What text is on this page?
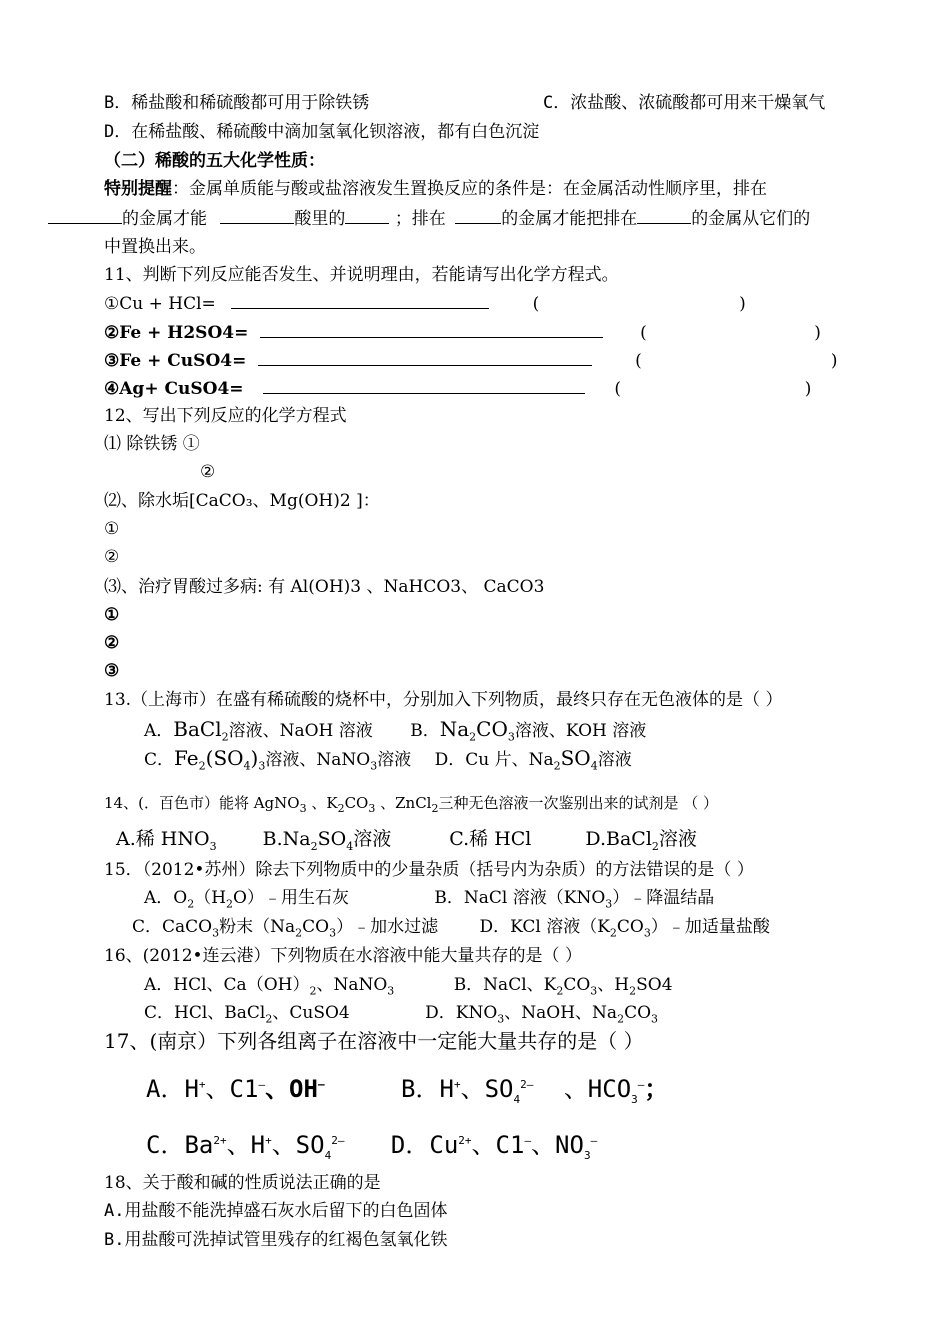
B．稀盐酸和稀硫酸都可用于除铁锈	C．浓盐酸、浓硫酸都可用来干燥氧气
D．在稀盐酸、稀硫酸中滴加氢氧化钡溶液，都有白色沉淀
（二）稀酸的五大化学性质：
特别提醒：金属单质能与酸或盐溶液发生置换反应的条件是：在金属活动性顺序里，排在
的金属才能	酸里的	；排在	的金属才能把排在	的金属从它们的
中置换出来。
11、判断下列反应能否发生、并说明理由，若能请写出化学方程式。
①Cu + HCl=	(                                     )
②Fe + H2SO4=	(                               )
③Fe + CuSO4=	(                                   )
④Ag+ CuSO4=	(                                  )
12、写出下列反应的化学方程式
⑴ 除铁锈 ①
②
⑵、除水垢[CaCO₃、Mg(OH)2 ]：
①
②
⑶、治疗胃酸过多病: 有 Al(OH)3 、NaHCO3、 CaCO3
①
②
③
13.（上海市）在盛有稀硫酸的烧杯中，分别加入下列物质，最终只存在无色液体的是（ ）
A．BaCl$_2$溶液、NaOH 溶液 B．$Na_2CO_3$溶液、KOH 溶液
C．$Fe_2(SO_4)_3$溶液、NaNO$_3$溶液 D．Cu 片、$Na_2SO_4$溶液
14、(．百色市）能将 AgNO$_3$ 、$K_2CO_3$ 、ZnCl$_2$三种无色溶液一次鉴别出来的试剂是 （ ）
A.稀 $HNO_3$ $B.Na_2SO_4$溶液	C.稀 HCl	D.BaCl$_2$溶液
15．（2012•苏州）除去下列物质中的少量杂质（括号内为杂质）的方法错误的是（ ）
A．$O_2(H_2O)﹣$用生石灰	B．NaCl 溶液$(KNO_3)﹣$降温结晶
C．CaCO$_3$粉末$(Na_2CO_3)﹣$加水过滤 D．KCl 溶液$(K_2CO_3)﹣$加适量盐酸
16、(2012•连云港）下列物质在水溶液中能大量共存的是（ ）
A．HCl、$Ca(OH)_2$、NaNO$_3$	B．NaCl、$K_2CO_3$、$H_2SO4$
C．HCl、BaCl$_2$、CuSO4	D．$KNO_3$、NaOH、$Na_2CO_3$
17、(南京）下列各组离子在溶液中一定能大量共存的是（ ）
A．H+、C1—、OH—	B．H+、$SO_4^{2—}$ 、$HCO_3^—$；
C．$Ba^{2+}$、H+、$SO_4^{2—}$ D．$Cu^{2+}$、C1—、$NO_3^—$
18、关于酸和碱的性质说法正确的是
A.用盐酸不能洗掉盛石灰水后留下的白色固体
B.用盐酸可洗掉试管里残存的红褐色氢氧化铁
